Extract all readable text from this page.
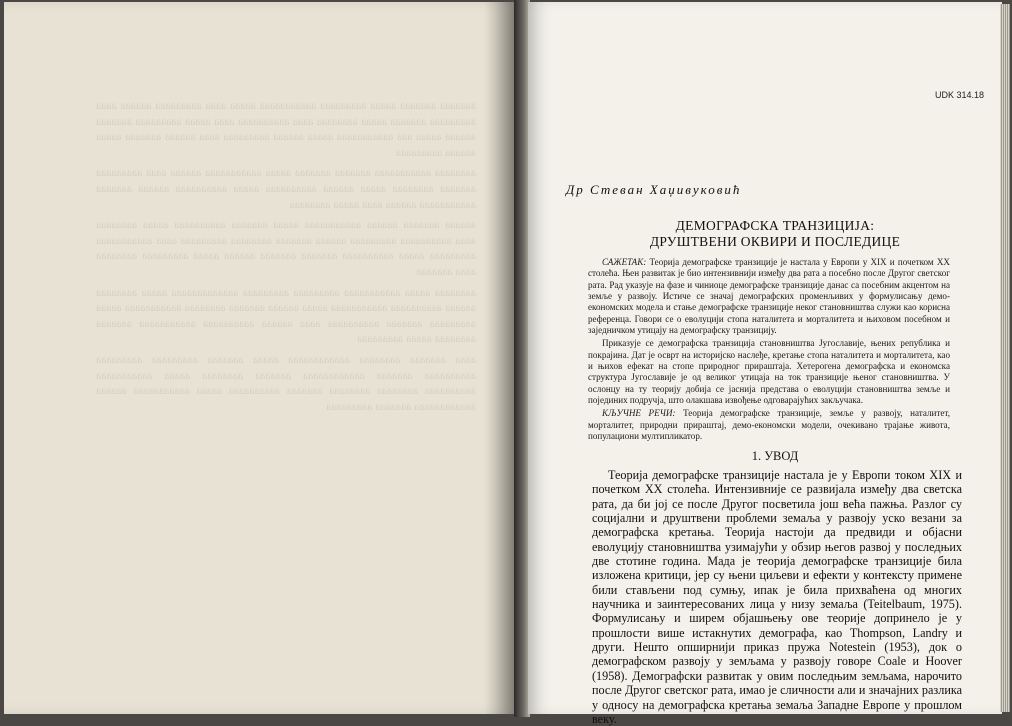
ааааааа ааааааа ааааа ааааааааа ааааааааааа ааааа аааа ааааааааа аааааа аааа ааааааааа ааааааа ааааа аааааааа аааа аааааааааа аааа ааааа ааааааааа ааааааа аааааа ааааа ааа ааааааааааа ааааа аааааа ааааааааа аааа аааааа ааааааа ааааа аааааа ааааааааа

аааааааа ааааааааааа ааааааа ааааааа ааааа ааааааааааа аааааа аааа ааааааааа ааааааа аааааааа ааааа аааааа аааааааааа ааааа аааааааааа аааааа ааааааа ааааааааааа аааааа аааа ааааа аааааааа

аааааа ааааааа аааааа ааааааааааа ааааа ааааааа аааааааааа ааааа аааааааа аааа аааааааааа ааааааааа аааааа ааааааа аааааааа ааааааааа аааа ааааааааааа ааааааааа ааааа аааааааааа ааааааа ааааааа аааааа ааааа ааааааааа аааааааа аааа ааааааа

аааааааа ааааа ааааааааааа ааааааааа ааааааааа ааааааааааааа ааааа аааааааа аааааа аааааааааа ааааааааааа ааааа аааааа ааааааа аааааааа ааааааааааа ааааа ааааааааа ааааааа аааааааааа аааа аааааа аааааааааа ааааааааааа ааааааа аааааааа ааааа ааааааааа

аааа ааааааа аааааааа аааааааааааа ааааа ааааааа ааааааааа ааааааааа аааааааааа ааааааа аааааааааааа ааааааа аааааааа ааааа ааааааааааа аааааааааа аааааааа аааааааа ааааааа аааааааааа ааааа ааааааааааа аааааа аааааааааааа ааааааа ааааааааа

UDK 314.18
Др Стеван Хаџивуковић
ДЕМОГРАФСКА ТРАНЗИЦИЈА:
ДРУШТВЕНИ ОКВИРИ И ПОСЛЕДИЦЕ

САЖЕТАК: Теорија демографске транзиције је настала у Европи у XIX и почетком XX столећа. Њен развитак је био интензивнији између два рата а посебно после Другог светског рата. Рад указује на фазе и чиниоце демографске транзиције данас са посебним акцентом на земље у развоју. Истиче се значај демографских променљивих у формулисању демо-економских модела и стање демографске транзиције неког становништва служи као корисна референца. Говори се о еволуцији стопа наталитета и морталитета и њиховом посебном и заједничком утицају на демографску транзицију.

Приказује се демографска транзиција становништва Југославије, њених република и покрајина. Дат је осврт на историјско наслеђе, кретање стопа наталитета и морталитета, као и њихов ефекат на стопе природног прираштаја. Хетерогена демографска и економска структура Југославије је од великог утицаја на ток транзиције њеног становништва. У ослонцу на ту теорију добија се јаснија представа о еволуцији становништва земље и појединих подручја, што олакшава извођење одговарајућих закључака.

КЉУЧНЕ РЕЧИ: Теорија демографске транзиције, земље у развоју, наталитет, морталитет, природни прираштај, демо-економски модели, очекивано трајање живота, популациони мултипликатор.

1. УВОД

Теорија демографске транзиције настала је у Европи током XIX и почетком XX столећа. Интензивније се развијала између два светска рата, да би јој се после Другог посветила још већа пажња. Разлог су социјални и друштвени проблеми земаља у развоју уско везани за демографска кретања. Теорија настоји да предвиди и објасни еволуцију становништва узимајући у обзир његов развој у последњих две стотине година. Мада је теорија демографске транзиције била изложена критици, јер су њени циљеви и ефекти у контексту примене били стављени под сумњу, ипак је била прихваћена од многих научника и заинтересованих лица у низу земаља (Teitelbaum, 1975). Формулисању и ширем објашњењу ове теорије допринело је у прошлости више истакнутих демографа, као Thompson, Landry и други. Нешто опширнији приказ пружа Notestein (1953), док о демографском развоју у земљама у развоју говоре Coale и Hoover (1958). Демографски развитак у овим последњим земљама, нарочито после Другог светског рата, имао је сличности али и значајних разлика у односу на демографска кретања земаља Западне Европе у прошлом веку.
